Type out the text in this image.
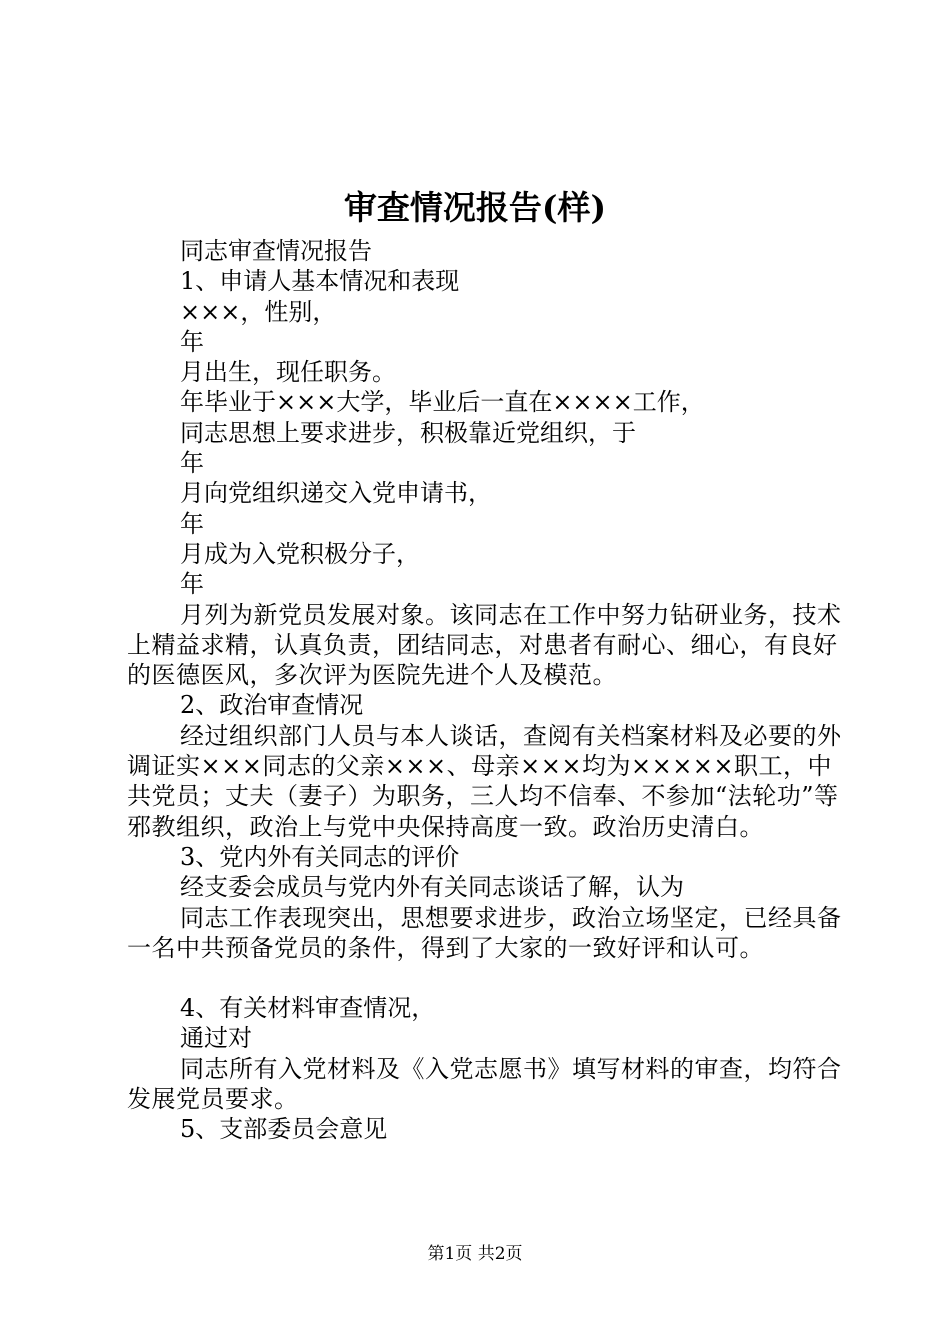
审查情况报告(样)

同志审查情况报告

1、申请人基本情况和表现

×××，性别，

年

月出生，现任职务。

年毕业于×××大学，毕业后一直在××××工作，

同志思想上要求进步，积极靠近党组织，于

年

月向党组织递交入党申请书，

年

月成为入党积极分子，

年

月列为新党员发展对象。该同志在工作中努力钻研业务，技术上精益求精，认真负责，团结同志，对患者有耐心、细心，有良好的医德医风，多次评为医院先进个人及模范。

2、政治审查情况

经过组织部门人员与本人谈话，查阅有关档案材料及必要的外调证实×××同志的父亲×××、母亲×××均为×××××职工，中共党员；丈夫（妻子）为职务，三人均不信奉、不参加“法轮功”等邪教组织，政治上与党中央保持高度一致。政治历史清白。

3、党内外有关同志的评价

经支委会成员与党内外有关同志谈话了解，认为

同志工作表现突出，思想要求进步，政治立场坚定，已经具备一名中共预备党员的条件，得到了大家的一致好评和认可。

4、有关材料审查情况，

通过对

同志所有入党材料及《入党志愿书》填写材料的审查，均符合发展党员要求。

5、支部委员会意见

第1页 共2页
